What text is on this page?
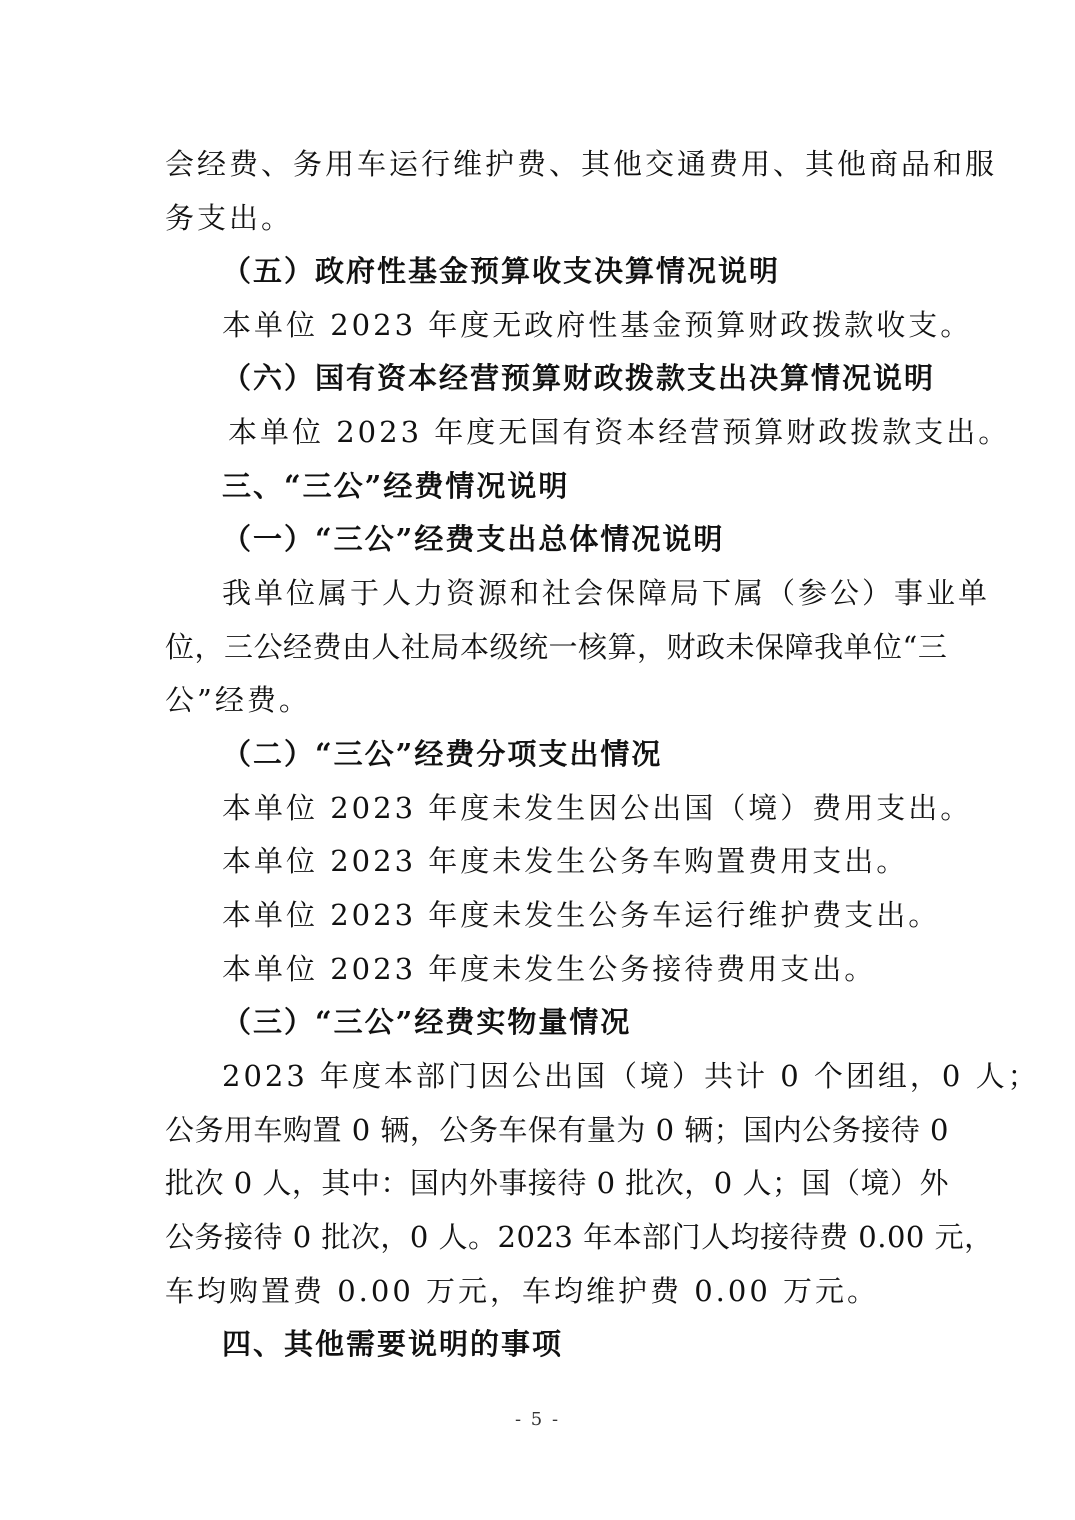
会经费、务用车运行维护费、其他交通费用、其他商品和服
务支出。
（五）政府性基金预算收支决算情况说明
本单位 2023 年度无政府性基金预算财政拨款收支。
（六）国有资本经营预算财政拨款支出决算情况说明
本单位 2023 年度无国有资本经营预算财政拨款支出。
三、“三公”经费情况说明
（一）“三公”经费支出总体情况说明
我单位属于人力资源和社会保障局下属（参公）事业单
位，三公经费由人社局本级统一核算，财政未保障我单位“三
公”经费。
（二）“三公”经费分项支出情况
本单位 2023 年度未发生因公出国（境）费用支出。
本单位 2023 年度未发生公务车购置费用支出。
本单位 2023 年度未发生公务车运行维护费支出。
本单位 2023 年度未发生公务接待费用支出。
（三）“三公”经费实物量情况
2023 年度本部门因公出国（境）共计 0 个团组，0 人；
公务用车购置 0 辆，公务车保有量为 0 辆；国内公务接待 0
批次 0 人，其中：国内外事接待 0 批次，0 人；国（境）外
公务接待 0 批次，0 人。2023 年本部门人均接待费 0.00 元，
车均购置费 0.00 万元，车均维护费 0.00 万元。
四、其他需要说明的事项
- 5 -
